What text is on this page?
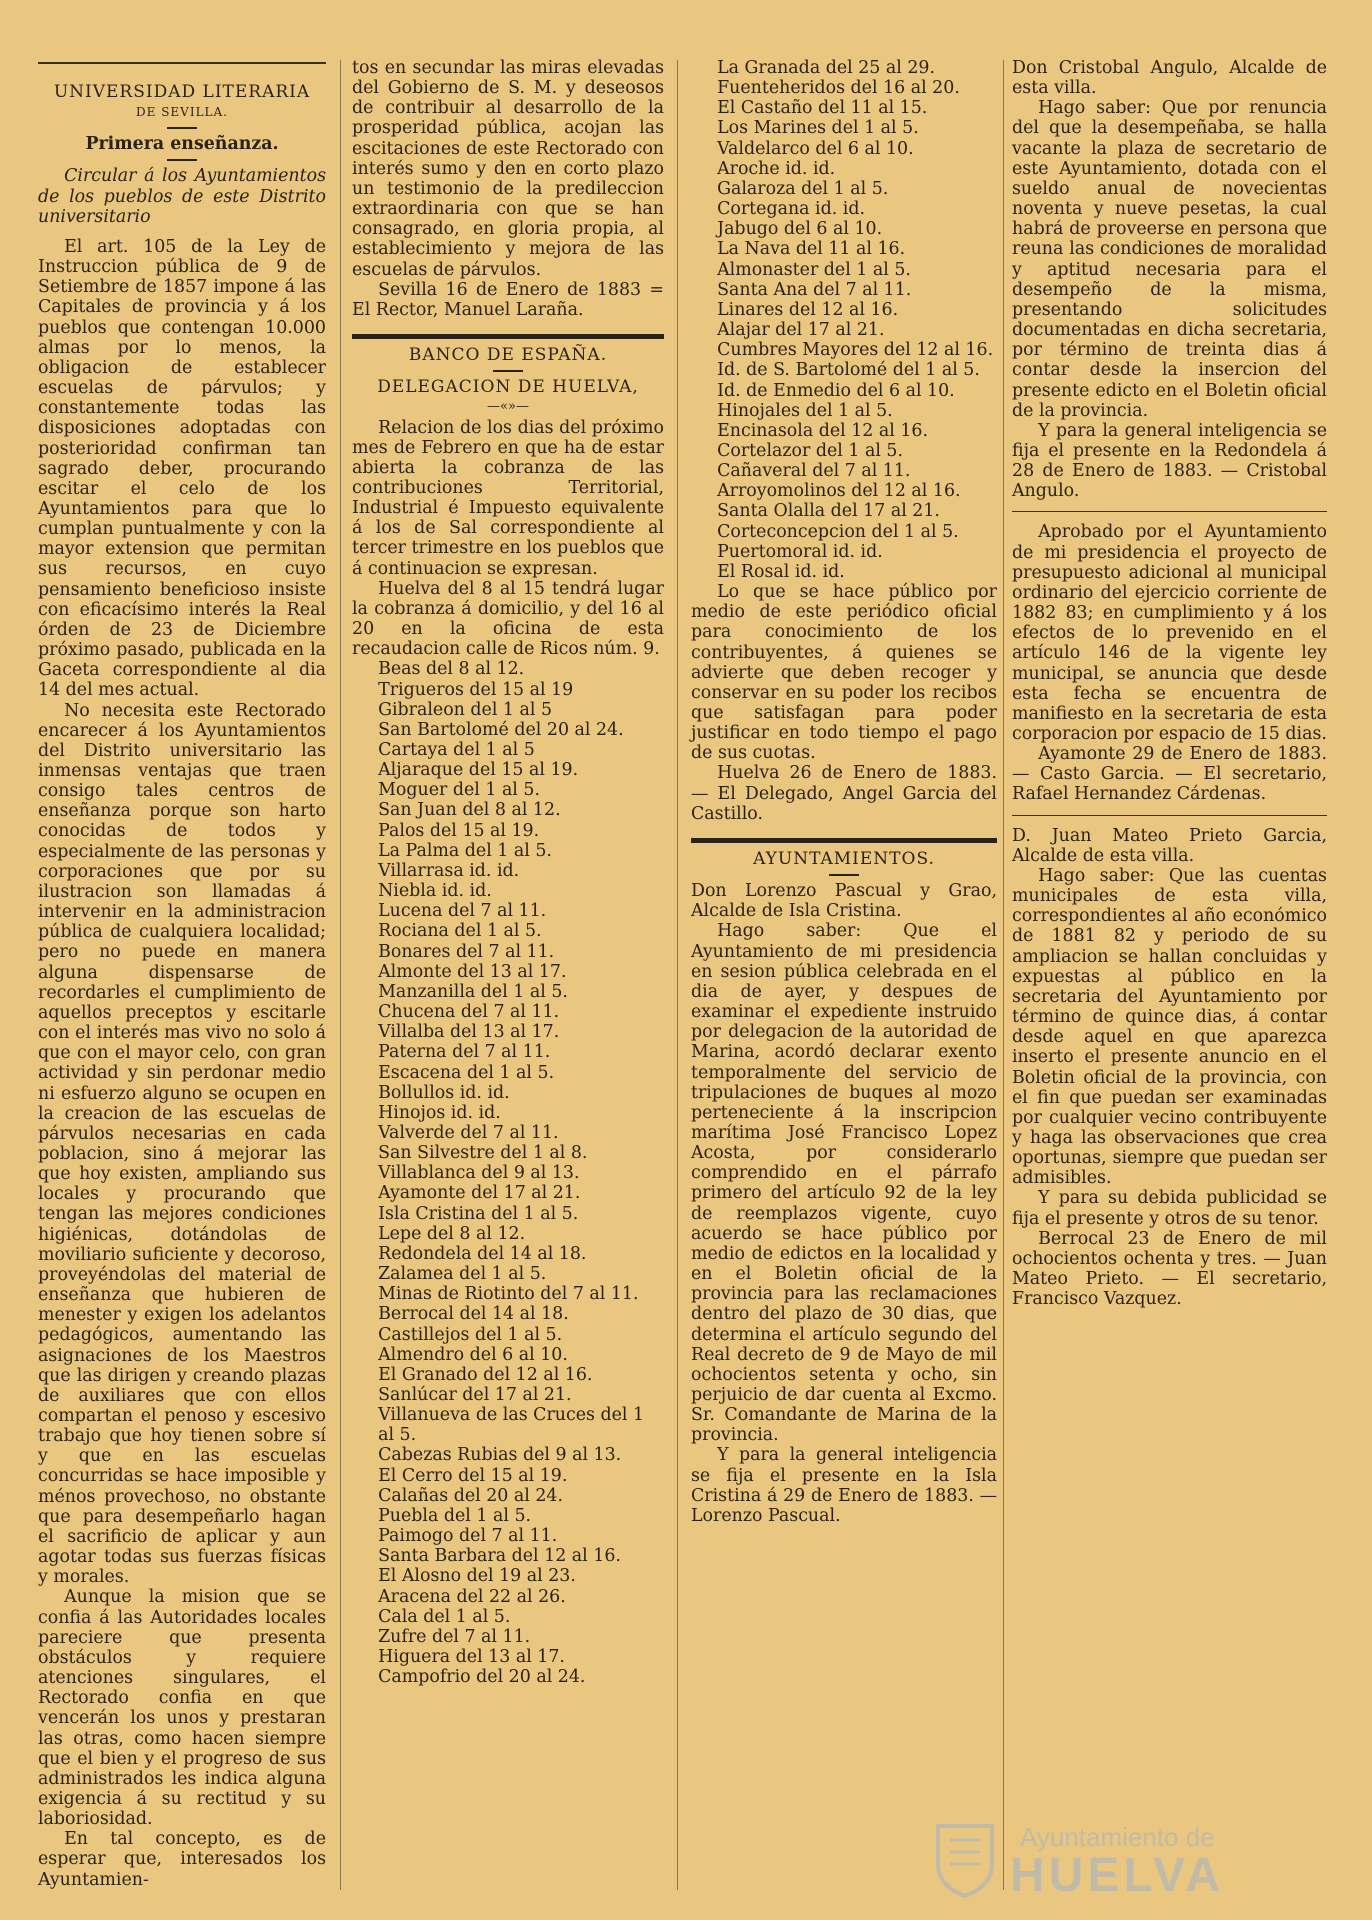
UNIVERSIDAD LITERARIA

DE SEVILLA.

Primera enseñanza.

Circular á los Ayuntamientos de los pueblos de este Distrito universitario

El art. 105 de la Ley de Instruccion pública de 9 de Setiembre de 1857 impone á las Capitales de provincia y á los pueblos que contengan 10.000 almas por lo menos, la obligacion de establecer escuelas de párvulos; y constantemente todas las disposiciones adoptadas con posterioridad confirman tan sagrado deber, procurando escitar el celo de los Ayuntamientos para que lo cumplan puntualmente y con la mayor extension que permitan sus recursos, en cuyo pensamiento beneficioso insiste con eficacísimo interés la Real órden de 23 de Diciembre próximo pasado, publicada en la Gaceta correspondiente al dia 14 del mes actual.

No necesita este Rectorado encarecer á los Ayuntamientos del Distrito universitario las inmensas ventajas que traen consigo tales centros de enseñanza porque son harto conocidas de todos y especialmente de las personas y corporaciones que por su ilustracion son llamadas á intervenir en la administracion pública de cualquiera localidad; pero no puede en manera alguna dispensarse de recordarles el cumplimiento de aquellos preceptos y escitarle con el interés mas vivo no solo á que con el mayor celo, con gran actividad y sin perdonar medio ni esfuerzo alguno se ocupen en la creacion de las escuelas de párvulos necesarias en cada poblacion, sino á mejorar las que hoy existen, ampliando sus locales y procurando que tengan las mejores condiciones higiénicas, dotándolas de moviliario suficiente y decoroso, proveyéndolas del material de enseñanza que hubieren de menester y exigen los adelantos pedagógicos, aumentando las asignaciones de los Maestros que las dirigen y creando plazas de auxiliares que con ellos compartan el penoso y escesivo trabajo que hoy tienen sobre sí y que en las escuelas concurridas se hace imposible y ménos provechoso, no obstante que para desempeñarlo hagan el sacrificio de aplicar y aun agotar todas sus fuerzas físicas y morales.

Aunque la mision que se confia á las Autoridades locales pareciere que presenta obstáculos y requiere atenciones singulares, el Rectorado confia en que vencerán los unos y prestaran las otras, como hacen siempre que el bien y el progreso de sus administrados les indica alguna exigencia á su rectitud y su laboriosidad.

En tal concepto, es de esperar que, interesados los Ayuntamien-

tos en secundar las miras elevadas del Gobierno de S. M. y deseosos de contribuir al desarrollo de la prosperidad pública, acojan las escitaciones de este Rectorado con interés sumo y den en corto plazo un testimonio de la predileccion extraordinaria con que se han consagrado, en gloria propia, al establecimiento y mejora de las escuelas de párvulos.

Sevilla 16 de Enero de 1883 = El Rector, Manuel Laraña.

BANCO DE ESPAÑA.

DELEGACION DE HUELVA,

—«»—

Relacion de los dias del próximo mes de Febrero en que ha de estar abierta la cobranza de las contribuciones Territorial, Industrial é Impuesto equivalente á los de Sal correspondiente al tercer trimestre en los pueblos que á continuacion se expresan.

Huelva del 8 al 15 tendrá lugar la cobranza á domicilio, y del 16 al 20 en la oficina de esta recaudacion calle de Ricos núm. 9.

Beas del 8 al 12.

Trigueros del 15 al 19

Gibraleon del 1 al 5

San Bartolomé del 20 al 24.

Cartaya del 1 al 5

Aljaraque del 15 al 19.

Moguer del 1 al 5.

San Juan del 8 al 12.

Palos del 15 al 19.

La Palma del 1 al 5.

Villarrasa id. id.

Niebla id. id.

Lucena del 7 al 11.

Rociana del 1 al 5.

Bonares del 7 al 11.

Almonte del 13 al 17.

Manzanilla del 1 al 5.

Chucena del 7 al 11.

Villalba del 13 al 17.

Paterna del 7 al 11.

Escacena del 1 al 5.

Bollullos id. id.

Hinojos id. id.

Valverde del 7 al 11.

San Silvestre del 1 al 8.

Villablanca del 9 al 13.

Ayamonte del 17 al 21.

Isla Cristina del 1 al 5.

Lepe del 8 al 12.

Redondela del 14 al 18.

Zalamea del 1 al 5.

Minas de Riotinto del 7 al 11.

Berrocal del 14 al 18.

Castillejos del 1 al 5.

Almendro del 6 al 10.

El Granado del 12 al 16.

Sanlúcar del 17 al 21.

Villanueva de las Cruces del 1 al 5.

Cabezas Rubias del 9 al 13.

El Cerro del 15 al 19.

Calañas del 20 al 24.

Puebla del 1 al 5.

Paimogo del 7 al 11.

Santa Barbara del 12 al 16.

El Alosno del 19 al 23.

Aracena del 22 al 26.

Cala del 1 al 5.

Zufre del 7 al 11.

Higuera del 13 al 17.

Campofrio del 20 al 24.

La Granada del 25 al 29.

Fuenteheridos del 16 al 20.

El Castaño del 11 al 15.

Los Marines del 1 al 5.

Valdelarco del 6 al 10.

Aroche id. id.

Galaroza del 1 al 5.

Cortegana id. id.

Jabugo del 6 al 10.

La Nava del 11 al 16.

Almonaster del 1 al 5.

Santa Ana del 7 al 11.

Linares del 12 al 16.

Alajar del 17 al 21.

Cumbres Mayores del 12 al 16.

Id. de S. Bartolomé del 1 al 5.

Id. de Enmedio del 6 al 10.

Hinojales del 1 al 5.

Encinasola del 12 al 16.

Cortelazor del 1 al 5.

Cañaveral del 7 al 11.

Arroyomolinos del 12 al 16.

Santa Olalla del 17 al 21.

Corteconcepcion del 1 al 5.

Puertomoral id. id.

El Rosal id. id.

Lo que se hace público por medio de este periódico oficial para conocimiento de los contribuyentes, á quienes se advierte que deben recoger y conservar en su poder los recibos que satisfagan para poder justificar en todo tiempo el pago de sus cuotas.

Huelva 26 de Enero de 1883. — El Delegado, Angel Garcia del Castillo.

AYUNTAMIENTOS.

Don Lorenzo Pascual y Grao, Alcalde de Isla Cristina.

Hago saber: Que el Ayuntamiento de mi presidencia en sesion pública celebrada en el dia de ayer, y despues de examinar el expediente instruido por delegacion de la autoridad de Marina, acordó declarar exento temporalmente del servicio de tripulaciones de buques al mozo perteneciente á la inscripcion marítima José Francisco Lopez Acosta, por considerarlo comprendido en el párrafo primero del artículo 92 de la ley de reemplazos vigente, cuyo acuerdo se hace público por medio de edictos en la localidad y en el Boletin oficial de la provincia para las reclamaciones dentro del plazo de 30 dias, que determina el artículo segundo del Real decreto de 9 de Mayo de mil ochocientos setenta y ocho, sin perjuicio de dar cuenta al Excmo. Sr. Comandante de Marina de la provincia.

Y para la general inteligencia se fija el presente en la Isla Cristina á 29 de Enero de 1883. — Lorenzo Pascual.

Don Cristobal Angulo, Alcalde de esta villa.

Hago saber: Que por renuncia del que la desempeñaba, se halla vacante la plaza de secretario de este Ayuntamiento, dotada con el sueldo anual de novecientas noventa y nueve pesetas, la cual habrá de proveerse en persona que reuna las condiciones de moralidad y aptitud necesaria para el desempeño de la misma, presentando solicitudes documentadas en dicha secretaria, por término de treinta dias á contar desde la insercion del presente edicto en el Boletin oficial de la provincia.

Y para la general inteligencia se fija el presente en la Redondela á 28 de Enero de 1883. — Cristobal Angulo.

Aprobado por el Ayuntamiento de mi presidencia el proyecto de presupuesto adicional al municipal ordinario del ejercicio corriente de 1882 83; en cumplimiento y á los efectos de lo prevenido en el artículo 146 de la vigente ley municipal, se anuncia que desde esta fecha se encuentra de manifiesto en la secretaria de esta corporacion por espacio de 15 dias.

Ayamonte 29 de Enero de 1883. — Casto Garcia. — El secretario, Rafael Hernandez Cárdenas.

D. Juan Mateo Prieto Garcia, Alcalde de esta villa.

Hago saber: Que las cuentas municipales de esta villa, correspondientes al año económico de 1881 82 y periodo de su ampliacion se hallan concluidas y expuestas al público en la secretaria del Ayuntamiento por término de quince dias, á contar desde aquel en que aparezca inserto el presente anuncio en el Boletin oficial de la provincia, con el fin que puedan ser examinadas por cualquier vecino contribuyente y haga las observaciones que crea oportunas, siempre que puedan ser admisibles.

Y para su debida publicidad se fija el presente y otros de su tenor.

Berrocal 23 de Enero de mil ochocientos ochenta y tres. — Juan Mateo Prieto. — El secretario, Francisco Vazquez.

Ayuntamiento de
HUELVA
